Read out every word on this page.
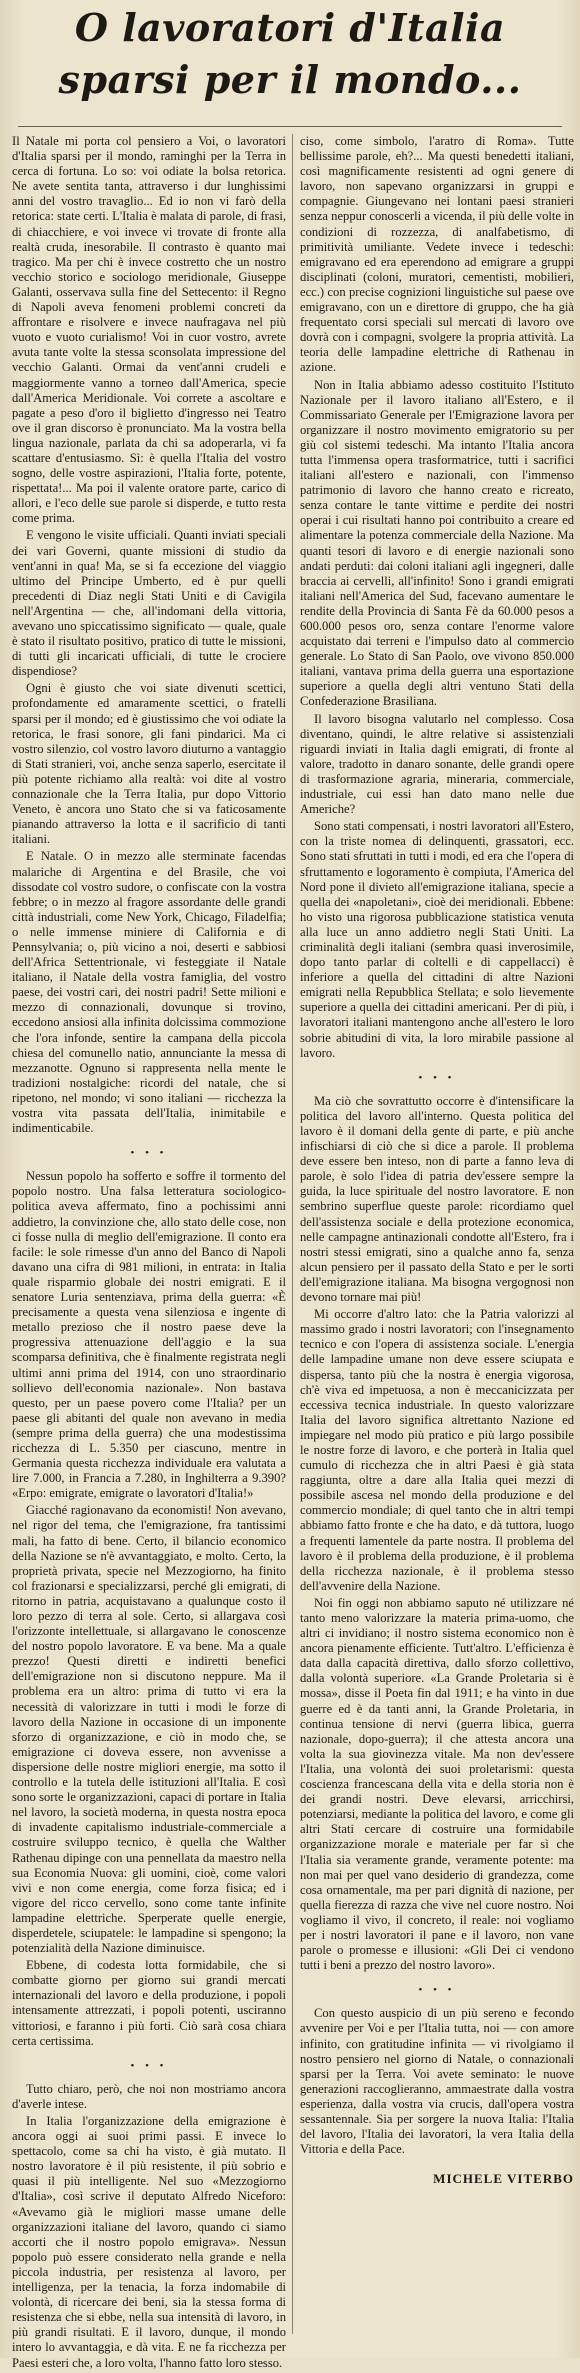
O lavoratori d'Italia
sparsi per il mondo...

Il Natale mi porta col pensiero a Voi, o lavoratori d'Italia sparsi per il mondo, raminghi per la Terra in cerca di fortuna. Lo so: voi odiate la bolsa retorica. Ne avete sentita tanta, attraverso i dur lunghissimi anni del vostro travaglio... Ed io non vi farò della retorica: state certi. L'Italia è malata di parole, di frasi, di chiacchiere, e voi invece vi trovate di fronte alla realtà cruda, inesorabile. Il contrasto è quanto mai tragico. Ma per chi è invece costretto che un nostro vecchio storico e sociologo meridionale, Giuseppe Galanti, osservava sulla fine del Settecento: il Regno di Napoli aveva fenomeni problemi concreti da affrontare e risolvere e invece naufragava nel più vuoto e vuoto curialismo! Voi in cuor vostro, avrete avuta tante volte la stessa sconsolata impressione del vecchio Galanti. Ormai da vent'anni crudeli e maggiormente vanno a torneo dall'America, specie dall'America Meridionale. Voi correte a ascoltare e pagate a peso d'oro il biglietto d'ingresso nei Teatro ove il gran discorso è pronunciato. Ma la vostra bella lingua nazionale, parlata da chi sa adoperarla, vi fa scattare d'entusiasmo. Sì: è quella l'Italia del vostro sogno, delle vostre aspirazioni, l'Italia forte, potente, rispettata!... Ma poi il valente oratore parte, carico di allori, e l'eco delle sue parole si disperde, e tutto resta come prima.

E vengono le visite ufficiali. Quanti inviati speciali dei vari Governi, quante missioni di studio da vent'anni in qua! Ma, se si fa eccezione del viaggio ultimo del Principe Umberto, ed è pur quelli precedenti di Diaz negli Stati Uniti e di Cavigila nell'Argentina — che, all'indomani della vittoria, avevano uno spiccatissimo significato — quale, quale è stato il risultato positivo, pratico di tutte le missioni, di tutti gli incaricati ufficiali, di tutte le crociere dispendiose?

Ogni è giusto che voi siate divenuti scettici, profondamente ed amaramente scettici, o fratelli sparsi per il mondo; ed è giustissimo che voi odiate la retorica, le frasi sonore, gli fani pindarici. Ma ci vostro silenzio, col vostro lavoro diuturno a vantaggio di Stati stranieri, voi, anche senza saperlo, esercitate il più potente richiamo alla realtà: voi dite al vostro connazionale che la Terra Italia, pur dopo Vittorio Veneto, è ancora uno Stato che si va faticosamente pianando attraverso la lotta e il sacrificio di tanti italiani.

E Natale. O in mezzo alle sterminate facendas malariche di Argentina e del Brasile, che voi dissodate col vostro sudore, o confiscate con la vostra febbre; o in mezzo al fragore assordante delle grandi città industriali, come New York, Chicago, Filadelfia; o nelle immense miniere di California e di Pennsylvania; o, più vicino a noi, deserti e sabbiosi dell'Africa Settentrionale, vi festeggiate il Natale italiano, il Natale della vostra famiglia, del vostro paese, dei vostri cari, dei nostri padri! Sette milioni e mezzo di connazionali, dovunque si trovino, eccedono ansiosi alla infinita dolcissima commozione che l'ora infonde, sentire la campana della piccola chiesa del comunello natio, annunciante la messa di mezzanotte. Ognuno si rappresenta nella mente le tradizioni nostalgiche: ricordi del natale, che si ripetono, nel mondo; vi sono italiani — ricchezza la vostra vita passata dell'Italia, inimitabile e indimenticabile.

• • •

Nessun popolo ha sofferto e soffre il tormento del popolo nostro. Una falsa letteratura sociologico-politica aveva affermato, fino a pochissimi anni addietro, la convinzione che, allo stato delle cose, non ci fosse nulla di meglio dell'emigrazione. Il conto era facile: le sole rimesse d'un anno del Banco di Napoli davano una cifra di 981 milioni, in entrata: in Italia quale risparmio globale dei nostri emigrati. E il senatore Luria sentenziava, prima della guerra: «È precisamente a questa vena silenziosa e ingente di metallo prezioso che il nostro paese deve la progressiva attenuazione dell'aggio e la sua scomparsa definitiva, che è finalmente registrata negli ultimi anni prima del 1914, con uno straordinario sollievo dell'economia nazionale». Non bastava questo, per un paese povero come l'Italia? per un paese gli abitanti del quale non avevano in media (sempre prima della guerra) che una modestissima ricchezza di L. 5.350 per ciascuno, mentre in Germania questa ricchezza individuale era valutata a lire 7.000, in Francia a 7.280, in Inghilterra a 9.390? «Erpo: emigrate, emigrate o lavoratori d'Italia!»

Giacché ragionavano da economisti! Non avevano, nel rigor del tema, che l'emigrazione, fra tantissimi mali, ha fatto di bene. Certo, il bilancio economico della Nazione se n'è avvantaggiato, e molto. Certo, la proprietà privata, specie nel Mezzogiorno, ha finito col frazionarsi e specializzarsi, perché gli emigrati, di ritorno in patria, acquistavano a qualunque costo il loro pezzo di terra al sole. Certo, si allargava così l'orizzonte intellettuale, si allargavano le conoscenze del nostro popolo lavoratore. E va bene. Ma a quale prezzo! Questi diretti e indiretti benefici dell'emigrazione non si discutono neppure. Ma il problema era un altro: prima di tutto vi era la necessità di valorizzare in tutti i modi le forze di lavoro della Nazione in occasione di un imponente sforzo di organizzazione, e ciò in modo che, se emigrazione ci doveva essere, non avvenisse a dispersione delle nostre migliori energie, ma sotto il controllo e la tutela delle istituzioni all'Italia. E così sono sorte le organizzazioni, capaci di portare in Italia nel lavoro, la società moderna, in questa nostra epoca di invadente capitalismo industriale-commerciale a costruire sviluppo tecnico, è quella che Walther Rathenau dipinge con una pennellata da maestro nella sua Economia Nuova: gli uomini, cioè, come valori vivi e non come energia, come forza fisica; ed i vigore del ricco cervello, sono come tante infinite lampadine elettriche. Sperperate quelle energie, disperdetele, sciupatele: le lampadine si spengono; la potenzialità della Nazione diminuisce.

Ebbene, di codesta lotta formidabile, che si combatte giorno per giorno sui grandi mercati internazionali del lavoro e della produzione, i popoli intensamente attrezzati, i popoli potenti, usciranno vittoriosi, e faranno i più forti. Ciò sarà cosa chiara certa certissima.

• • •

Tutto chiaro, però, che noi non mostriamo ancora d'averle intese.

In Italia l'organizzazione della emigrazione è ancora oggi ai suoi primi passi. E invece lo spettacolo, come sa chi ha visto, è già mutato. Il nostro lavoratore è il più resistente, il più sobrio e quasi il più intelligente. Nel suo «Mezzogiorno d'Italia», così scrive il deputato Alfredo Niceforo: «Avevamo già le migliori masse umane delle organizzazioni italiane del lavoro, quando ci siamo accorti che il nostro popolo emigrava». Nessun popolo può essere considerato nella grande e nella piccola industria, per resistenza al lavoro, per intelligenza, per la tenacia, la forza indomabile di volontà, di ricercare dei beni, sia la stessa forma di resistenza che si ebbe, nella sua intensità di lavoro, in più grandi risultati. E il lavoro, dunque, il mondo intero lo avvantaggia, e dà vita. E ne fa ricchezza per Paesi esteri che, a loro volta, l'hanno fatto loro stesso.

ciso, come simbolo, l'aratro di Roma». Tutte bellissime parole, eh?... Ma questi benedetti italiani, così magnificamente resistenti ad ogni genere di lavoro, non sapevano organizzarsi in gruppi e compagnie. Giungevano nei lontani paesi stranieri senza neppur conoscerli a vicenda, il più delle volte in condizioni di rozzezza, di analfabetismo, di primitività umiliante. Vedete invece i tedeschi: emigravano ed era eperendono ad emigrare a gruppi disciplinati (coloni, muratori, cementisti, mobilieri, ecc.) con precise cognizioni linguistiche sul paese ove emigravano, con un e direttore di gruppo, che ha già frequentato corsi speciali sul mercati di lavoro ove dovrà con i compagni, svolgere la propria attività. La teoria delle lampadine elettriche di Rathenau in azione.

Non in Italia abbiamo adesso costituito l'Istituto Nazionale per il lavoro italiano all'Estero, e il Commissariato Generale per l'Emigrazione lavora per organizzare il nostro movimento emigratorio su per giù col sistemi tedeschi. Ma intanto l'Italia ancora tutta l'immensa opera trasformatrice, tutti i sacrifici italiani all'estero e nazionali, con l'immenso patrimonio di lavoro che hanno creato e ricreato, senza contare le tante vittime e perdite dei nostri operai i cui risultati hanno poi contribuito a creare ed alimentare la potenza commerciale della Nazione. Ma quanti tesori di lavoro e di energie nazionali sono andati perduti: dai coloni italiani agli ingegneri, dalle braccia ai cervelli, all'infinito! Sono i grandi emigrati italiani nell'America del Sud, facevano aumentare le rendite della Provincia di Santa Fè da 60.000 pesos a 600.000 pesos oro, senza contare l'enorme valore acquistato dai terreni e l'impulso dato al commercio generale. Lo Stato di San Paolo, ove vivono 850.000 italiani, vantava prima della guerra una esportazione superiore a quella degli altri ventuno Stati della Confederazione Brasiliana.

Il lavoro bisogna valutarlo nel complesso. Cosa diventano, quindi, le altre relative si assistenziali riguardi inviati in Italia dagli emigrati, di fronte al valore, tradotto in danaro sonante, delle grandi opere di trasformazione agraria, mineraria, commerciale, industriale, cui essi han dato mano nelle due Americhe?

Sono stati compensati, i nostri lavoratori all'Estero, con la triste nomea di delinquenti, grassatori, ecc. Sono stati sfruttati in tutti i modi, ed era che l'opera di sfruttamento e logoramento è compiuta, l'America del Nord pone il divieto all'emigrazione italiana, specie a quella dei «napoletani», cioè dei meridionali. Ebbene: ho visto una rigorosa pubblicazione statistica venuta alla luce un anno addietro negli Stati Uniti. La criminalità degli italiani (sembra quasi inverosimile, dopo tanto parlar di coltelli e di cappellacci) è inferiore a quella del cittadini di altre Nazioni emigrati nella Repubblica Stellata; e solo lievemente superiore a quella dei cittadini americani. Per di più, i lavoratori italiani mantengono anche all'estero le loro sobrie abitudini di vita, la loro mirabile passione al lavoro.

• • •

Ma ciò che sovrattutto occorre è d'intensificare la politica del lavoro all'interno. Questa politica del lavoro è il domani della gente di parte, e più anche infischiarsi di ciò che si dice a parole. Il problema deve essere ben inteso, non di parte a fanno leva di parole, è solo l'idea di patria dev'essere sempre la guida, la luce spirituale del nostro lavoratore. E non sembrino superflue queste parole: ricordiamo quel dell'assistenza sociale e della protezione economica, nelle campagne antinazionali condotte all'Estero, fra i nostri stessi emigrati, sino a qualche anno fa, senza alcun pensiero per il passato della Stato e per le sorti dell'emigrazione italiana. Ma bisogna vergognosi non devono tornare mai più!

Mi occorre d'altro lato: che la Patria valorizzi al massimo grado i nostri lavoratori; con l'insegnamento tecnico e con l'opera di assistenza sociale. L'energia delle lampadine umane non deve essere sciupata e dispersa, tanto più che la nostra è energia vigorosa, ch'è viva ed impetuosa, a non è meccanicizzata per eccessiva tecnica industriale. In questo valorizzare Italia del lavoro significa altrettanto Nazione ed impiegare nel modo più pratico e più largo possibile le nostre forze di lavoro, e che porterà in Italia quel cumulo di ricchezza che in altri Paesi è già stata raggiunta, oltre a dare alla Italia quei mezzi di possibile ascesa nel mondo della produzione e del commercio mondiale; di quel tanto che in altri tempi abbiamo fatto fronte e che ha dato, e dà tuttora, luogo a frequenti lamentele da parte nostra. Il problema del lavoro è il problema della produzione, è il problema della ricchezza nazionale, è il problema stesso dell'avvenire della Nazione.

Noi fin oggi non abbiamo saputo né utilizzare né tanto meno valorizzare la materia prima-uomo, che altri ci invidiano; il nostro sistema economico non è ancora pienamente efficiente. Tutt'altro. L'efficienza è data dalla capacità direttiva, dallo sforzo collettivo, dalla volontà superiore. «La Grande Proletaria si è mossa», disse il Poeta fin dal 1911; e ha vinto in due guerre ed è da tanti anni, la Grande Proletaria, in continua tensione di nervi (guerra libica, guerra nazionale, dopo-guerra); il che attesta ancora una volta la sua giovinezza vitale. Ma non dev'essere l'Italia, una volontà dei suoi proletarismi: questa coscienza francescana della vita e della storia non è dei grandi nostri. Deve elevarsi, arricchirsi, potenziarsi, mediante la politica del lavoro, e come gli altri Stati cercare di costruire una formidabile organizzazione morale e materiale per far sì che l'Italia sia veramente grande, veramente potente: ma non mai per quel vano desiderio di grandezza, come cosa ornamentale, ma per pari dignità di nazione, per quella fierezza di razza che vive nel cuore nostro. Noi vogliamo il vivo, il concreto, il reale: noi vogliamo per i nostri lavoratori il pane e il lavoro, non vane parole o promesse e illusioni: «Gli Dei ci vendono tutti i beni a prezzo del nostro lavoro».

• • •

Con questo auspicio di un più sereno e fecondo avvenire per Voi e per l'Italia tutta, noi — con amore infinito, con gratitudine infinita — vi rivolgiamo il nostro pensiero nel giorno di Natale, o connazionali sparsi per la Terra. Voi avete seminato: le nuove generazioni raccoglieranno, ammaestrate dalla vostra esperienza, dalla vostra via crucis, dall'opera vostra sessantennale. Sia per sorgere la nuova Italia: l'Italia del lavoro, l'Italia dei lavoratori, la vera Italia della Vittoria e della Pace.

MICHELE VITERBO
